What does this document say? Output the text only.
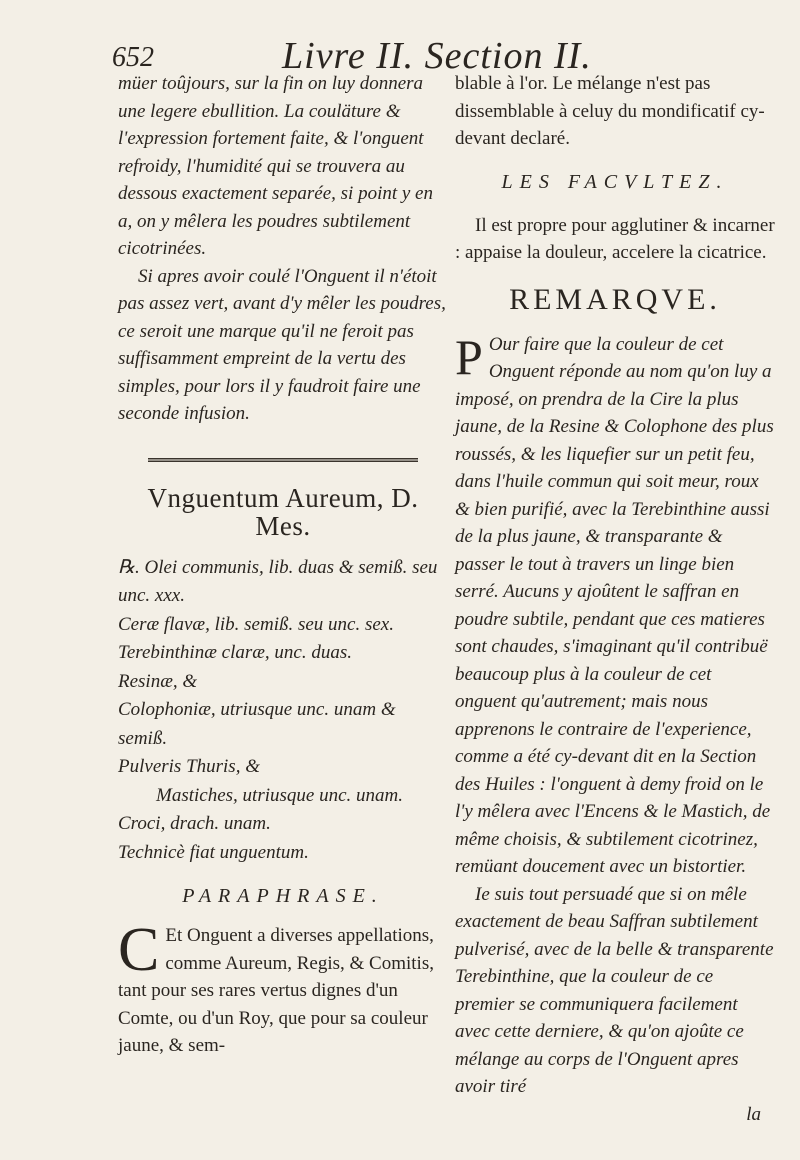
652	Livre II. Section II.

müer toûjours, sur la fin on luy donnera une legere ebullition. La couläture & l'expression fortement faite, & l'onguent refroidy, l'humidité qui se trouvera au dessous exactement separée, si point y en a, on y mêlera les poudres subtilement cicotrinées.

Si apres avoir coulé l'Onguent il n'étoit pas assez vert, avant d'y mêler les poudres, ce seroit une marque qu'il ne feroit pas suffisamment empreint de la vertu des simples, pour lors il y faudroit faire une seconde infusion.

Vnguentum Aureum, D.

Mes.

℞. Olei communis, lib. duas & semiß. seu unc. xxx.

Ceræ flavæ, lib. semiß. seu unc. sex.

Terebinthinæ claræ, unc. duas.

Resinæ, &

Colophoniæ, utriusque unc. unam & semiß.

Pulveris Thuris, &

Mastiches, utriusque unc. unam.

Croci, drach. unam.

Technicè fiat unguentum.

PARAPHRASE.

C Et Onguent a diverses appellations, comme Aureum, Regis, & Comitis, tant pour ses rares vertus dignes d'un Comte, ou d'un Roy, que pour sa couleur jaune, & sem-

blable à l'or. Le mélange n'est pas dissemblable à celuy du mondificatif cy-devant declaré.

LES FACVLTEZ.

Il est propre pour agglutiner & incarner : appaise la douleur, accelere la cicatrice.

REMARQVE.

P Our faire que la couleur de cet Onguent réponde au nom qu'on luy a imposé, on prendra de la Cire la plus jaune, de la Resine & Colophone des plus roussés, & les liquefier sur un petit feu, dans l'huile commun qui soit meur, roux & bien purifié, avec la Terebinthine aussi de la plus jaune, & transparante & passer le tout à travers un linge bien serré. Aucuns y ajoûtent le saffran en poudre subtile, pendant que ces matieres sont chaudes, s'imaginant qu'il contribuë beaucoup plus à la couleur de cet onguent qu'autrement; mais nous apprenons le contraire de l'experience, comme a été cy-devant dit en la Section des Huiles : l'onguent à demy froid on le l'y mêlera avec l'Encens & le Mastich, de même choisis, & subtilement cicotrinez, remüant doucement avec un bistortier.

Ie suis tout persuadé que si on mêle exactement de beau Saffran subtilement pulverisé, avec de la belle & transparente Terebinthine, que la couleur de ce premier se communiquera facilement avec cette derniere, & qu'on ajoûte ce mélange au corps de l'Onguent apres avoir tiré

la
